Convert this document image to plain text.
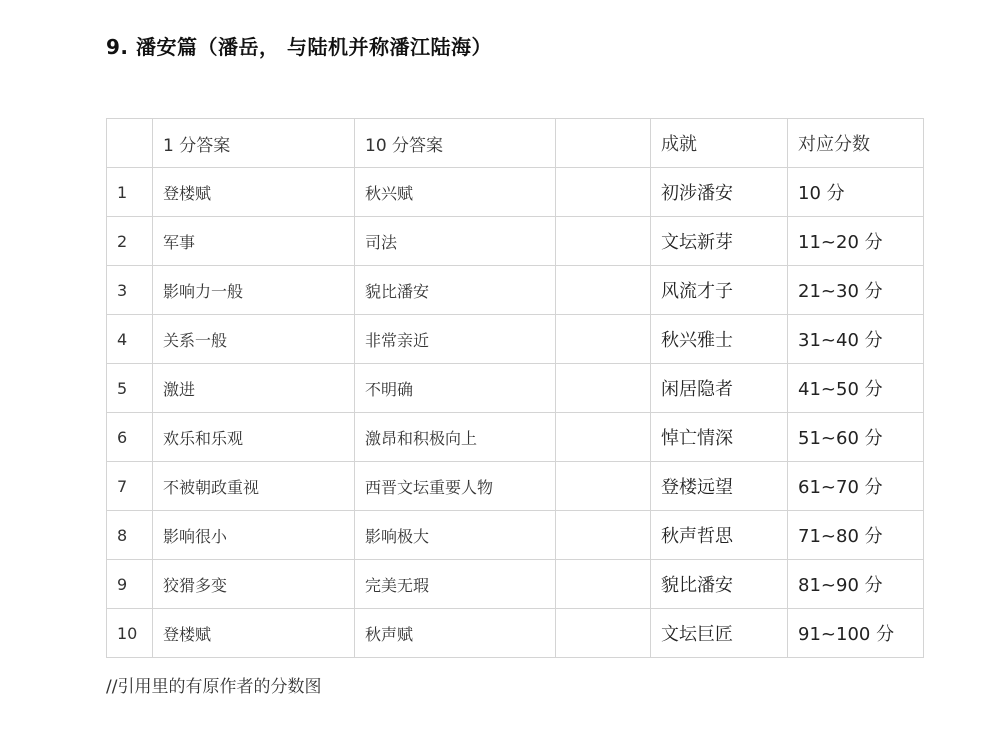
9. 潘安篇（潘岳， 与陆机并称潘江陆海）
	1 分答案	10 分答案		成就	对应分数
1	登楼赋	秋兴赋		初涉潘安	10 分
2	军事	司法		文坛新芽	11~20 分
3	影响力一般	貌比潘安		风流才子	21~30 分
4	关系一般	非常亲近		秋兴雅士	31~40 分
5	激进	不明确		闲居隐者	41~50 分
6	欢乐和乐观	激昂和积极向上		悼亡情深	51~60 分
7	不被朝政重视	西晋文坛重要人物		登楼远望	61~70 分
8	影响很小	影响极大		秋声哲思	71~80 分
9	狡猾多变	完美无瑕		貌比潘安	81~90 分
10	登楼赋	秋声赋		文坛巨匠	91~100 分
//引用里的有原作者的分数图
